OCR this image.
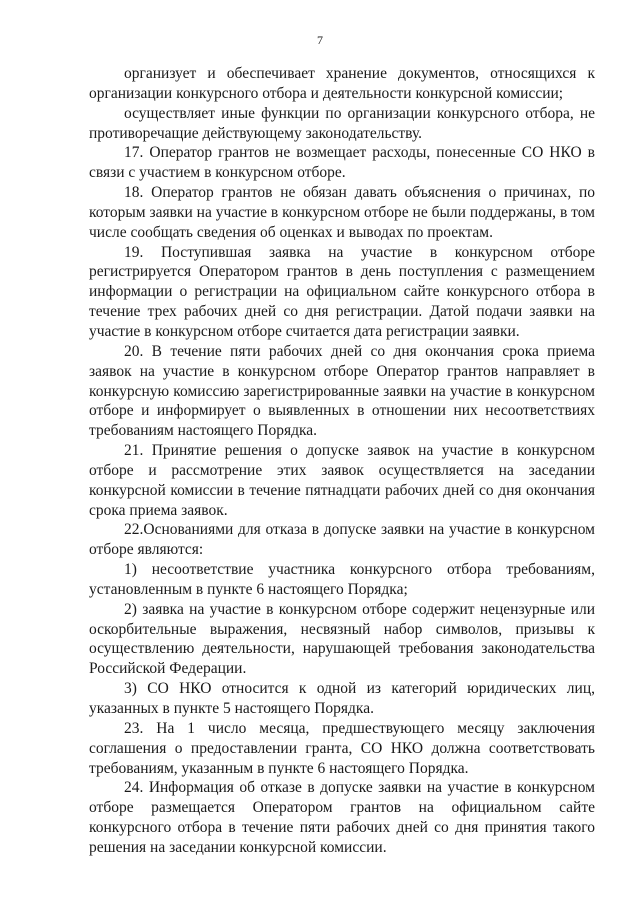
7

организует и обеспечивает хранение документов, относящихся к организации конкурсного отбора и деятельности конкурсной комиссии;

осуществляет иные функции по организации конкурсного отбора, не противоречащие действующему законодательству.

17. Оператор грантов не возмещает расходы, понесенные СО НКО в связи с участием в конкурсном отборе.

18. Оператор грантов не обязан давать объяснения о причинах, по которым заявки на участие в конкурсном отборе не были поддержаны, в том числе сообщать сведения об оценках и выводах по проектам.

19. Поступившая заявка на участие в конкурсном отборе регистрируется Оператором грантов в день поступления с размещением информации о регистрации на официальном сайте конкурсного отбора в течение трех рабочих дней со дня регистрации. Датой подачи заявки на участие в конкурсном отборе считается дата регистрации заявки.

20. В течение пяти рабочих дней со дня окончания срока приема заявок на участие в конкурсном отборе Оператор грантов направляет в конкурсную комиссию зарегистрированные заявки на участие в конкурсном отборе и информирует о выявленных в отношении них несоответствиях требованиям настоящего Порядка.

21. Принятие решения о допуске заявок на участие в конкурсном отборе и рассмотрение этих заявок осуществляется на заседании конкурсной комиссии в течение пятнадцати рабочих дней со дня окончания срока приема заявок.

22.Основаниями для отказа в допуске заявки на участие в конкурсном отборе являются:

1) несоответствие участника конкурсного отбора требованиям, установленным в пункте 6 настоящего Порядка;

2) заявка на участие в конкурсном отборе содержит нецензурные или оскорбительные выражения, несвязный набор символов, призывы к осуществлению деятельности, нарушающей требования законодательства Российской Федерации.

3) СО НКО относится к одной из категорий юридических лиц, указанных в пункте 5 настоящего Порядка.

23. На 1 число месяца, предшествующего месяцу заключения соглашения о предоставлении гранта, СО НКО должна соответствовать требованиям, указанным в пункте 6 настоящего Порядка.

24. Информация об отказе в допуске заявки на участие в конкурсном отборе размещается Оператором грантов на официальном сайте конкурсного отбора в течение пяти рабочих дней со дня принятия такого решения на заседании конкурсной комиссии.
